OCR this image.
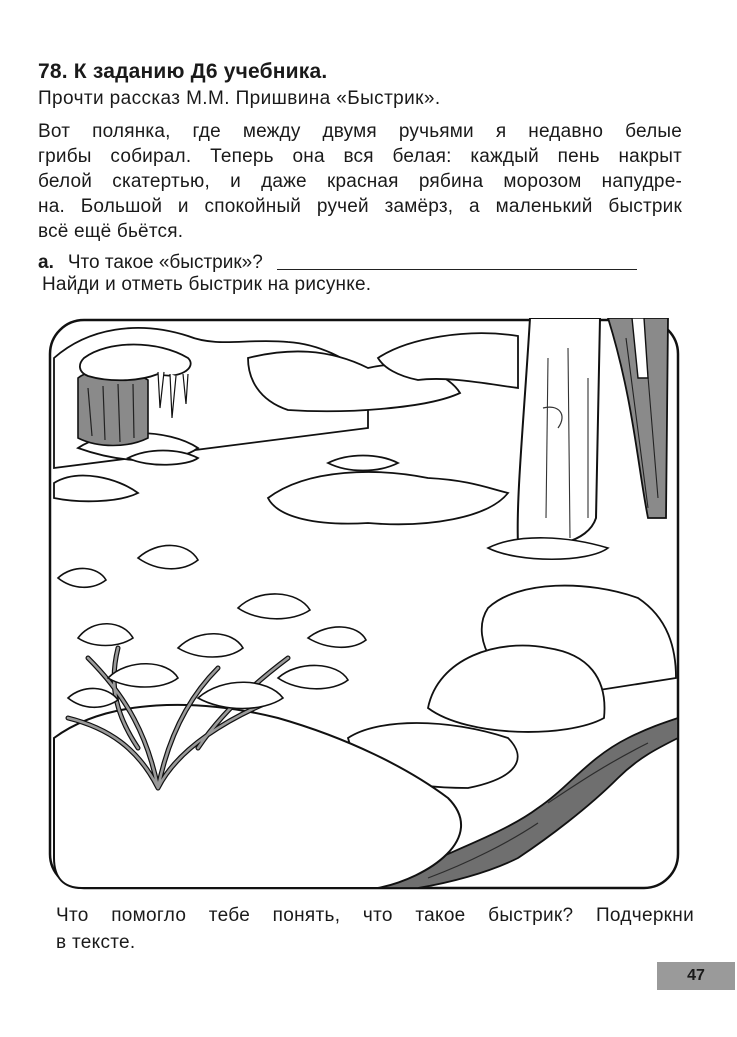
78. К заданию Д6 учебника.
Прочти рассказ М.М. Пришвина «Быстрик».
Вот полянка, где между двумя ручьями я недавно белые
грибы собирал. Теперь она вся белая: каждый пень накрыт
белой скатертью, и даже красная рябина морозом напудре-
на. Большой и спокойный ручей замёрз, а маленький быстрик
всё ещё бьётся.
а. Что такое «быстрик»?
Найди и отметь быстрик на рисунке.
Что помогло тебе понять, что такое быстрик? Подчеркни
в тексте.
47
